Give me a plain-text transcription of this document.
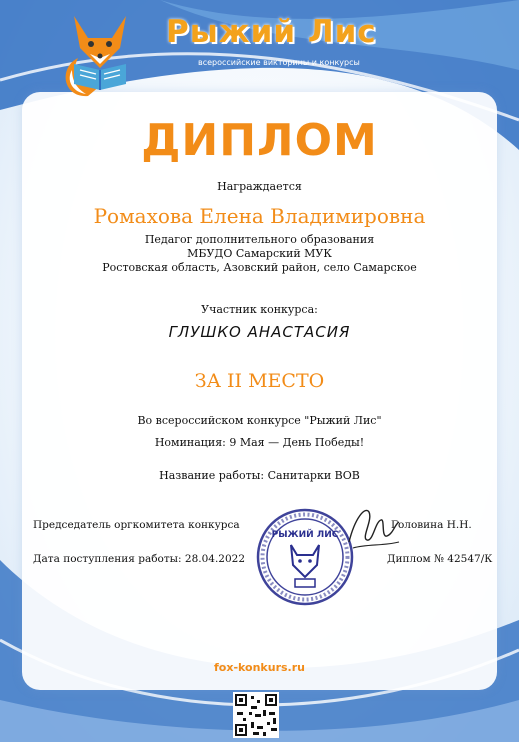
Рыжий Лис
всероссийские викторины и конкурсы
ДИПЛОМ
Награждается
Ромахова Елена Владимировна
Педагог дополнительного образования
МБУДО Самарский МУК
Ростовская область, Азовский район, село Самарское
Участник конкурса:
ГЛУШКО АНАСТАСИЯ
ЗА II МЕСТО
Во всероссийском конкурсе "Рыжий Лис"
Номинация: 9 Мая — День Победы!
Название работы: Санитарки ВОВ
Председатель оргкомитета конкурса	Головина Н.Н.
Дата поступления работы: 28.04.2022	Диплом № 42547/К
РЫЖИЙ ЛИС
fox-konkurs.ru
